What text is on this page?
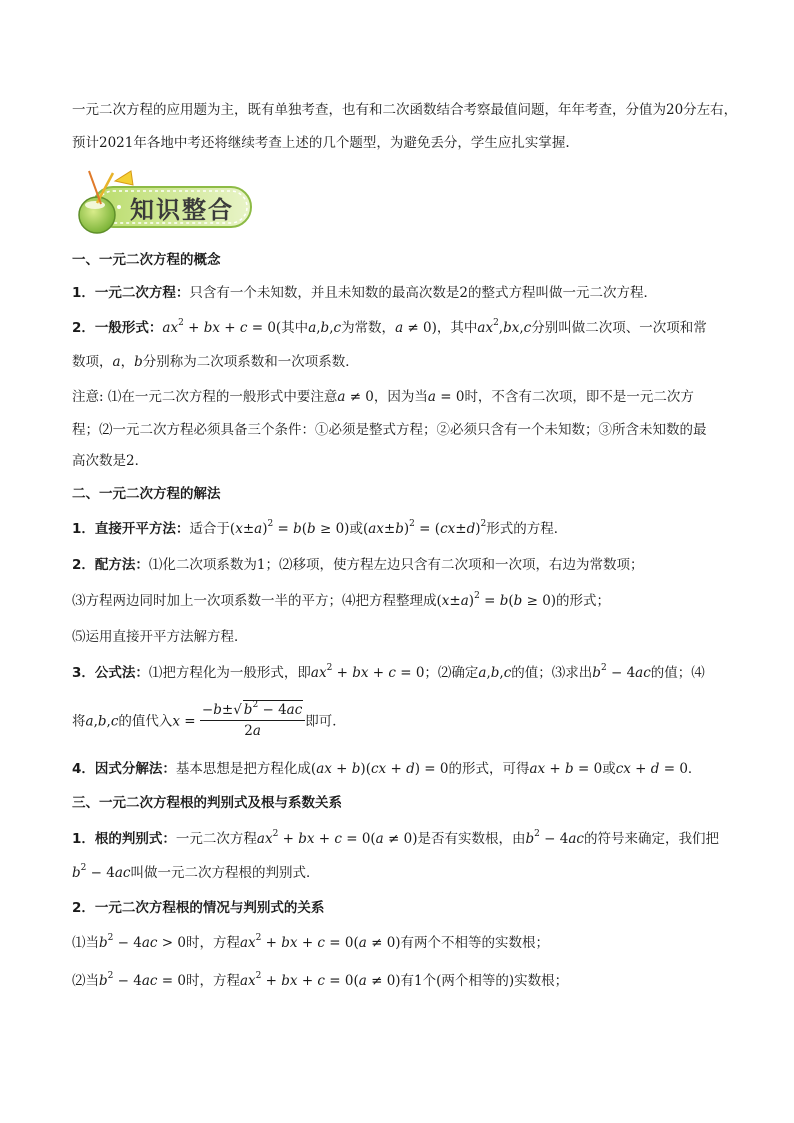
一元二次方程的应用题为主，既有单独考查，也有和二次函数结合考察最值问题，年年考查，分值为20分左右，
预计2021年各地中考还将继续考查上述的几个题型，为避免丢分，学生应扎实掌握.
知识整合
一、一元二次方程的概念
1．一元二次方程：只含有一个未知数，并且未知数的最高次数是2的整式方程叫做一元二次方程．
2．一般形式：$ax^2$ + bx + c = 0(其中a,b,c为常数，a ≠ 0)，其中$ax^2,bx,c$分别叫做二次项、一次项和常
数项，a，b分别称为二次项系数和一次项系数．
注意: ⑴在一元二次方程的一般形式中要注意a ≠ 0，因为当a = 0时，不含有二次项，即不是一元二次方
程；⑵一元二次方程必须具备三个条件：①必须是整式方程；②必须只含有一个未知数；③所含未知数的最
高次数是2．
二、一元二次方程的解法
1．直接开平方法：适合于$(x\pm a)^2 = b(b \ge 0)$或$(ax\pm b)^2 = (cx\pm d)^2$形式的方程．
2．配方法：⑴化二次项系数为1；⑵移项，使方程左边只含有二次项和一次项，右边为常数项；
⑶方程两边同时加上一次项系数一半的平方；⑷把方程整理成$(x\pm a)^2 = b(b \ge 0)$的形式；
⑸运用直接开平方法解方程．
3．公式法：⑴把方程化为一般形式，即$ax^2$ + bx + c = 0；⑵确定a,b,c的值；⑶求出$b^2 - 4ac$的值；⑷
将a,b,c的值代入$x = \frac{-b\pm√ b^2 - 4ac}{2a}$ 即可．
4．因式分解法：基本思想是把方程化成(ax + b)(cx + d) = 0的形式，可得ax + b = 0或cx + d = 0．
三、一元二次方程根的判别式及根与系数关系
1．根的判别式：一元二次方程$ax^2$ + bx + c = 0(a ≠ 0)是否有实数根，由$b^2 - 4ac$的符号来确定，我们把
$b^2 - 4ac$叫做一元二次方程根的判别式．
2．一元二次方程根的情况与判别式的关系
⑴当$b^2 - 4ac > 0$时，方程$ax^2$ + bx + c = 0(a ≠ 0)有两个不相等的实数根；
⑵当$b^2 - 4ac = 0$时，方程$ax^2$ + bx + c = 0(a ≠ 0)有1个(两个相等的)实数根；
